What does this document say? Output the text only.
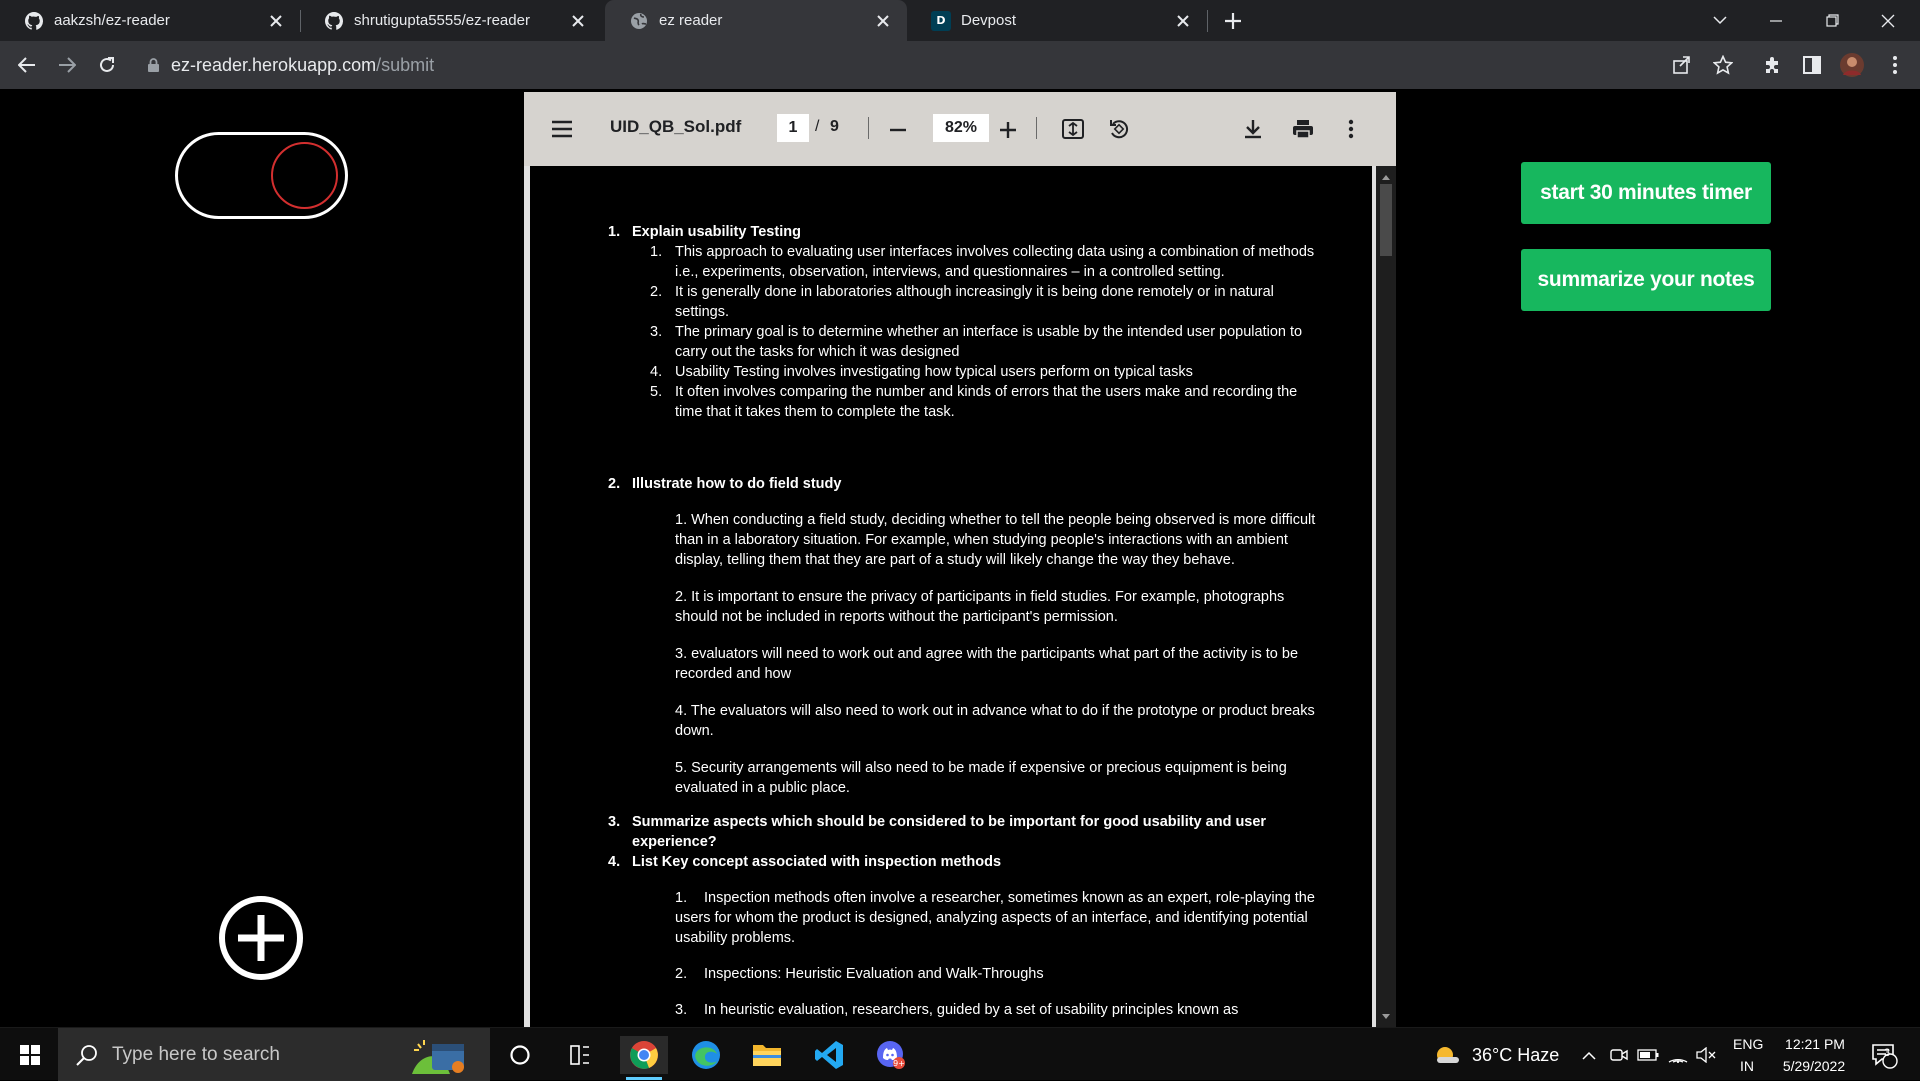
aakzsh/ez-reader	shrutigupta5555/ez-reader	ez reader	D	Devpost
ez-reader.herokuapp.com /submit
start 30 minutes timer
summarize your notes
UID_QB_Sol.pdf	1	/ 9	82%
1. Explain usability Testing
1. This approach to evaluating user interfaces involves collecting data using a combination of methods i.e., experiments, observation, interviews, and questionnaires – in a controlled setting.
2. It is generally done in laboratories although increasingly it is being done remotely or in natural settings.
3. The primary goal is to determine whether an interface is usable by the intended user population to carry out the tasks for which it was designed
4. Usability Testing involves investigating how typical users perform on typical tasks
5. It often involves comparing the number and kinds of errors that the users make and recording the time that it takes them to complete the task.
2. Illustrate how to do field study
1. When conducting a field study, deciding whether to tell the people being observed is more difficult than in a laboratory situation. For example, when studying people's interactions with an ambient display, telling them that they are part of a study will likely change the way they behave.
2. It is important to ensure the privacy of participants in field studies. For example, photographs should not be included in reports without the participant's permission.
3. evaluators will need to work out and agree with the participants what part of the activity is to be recorded and how
4. The evaluators will also need to work out in advance what to do if the prototype or product breaks down.
5. Security arrangements will also need to be made if expensive or precious equipment is being evaluated in a public place.
3. Summarize aspects which should be considered to be important for good usability and user experience?
4. List Key concept associated with inspection methods
1.	Inspection methods often involve a researcher, sometimes known as an expert, role-playing the users for whom the product is designed, analyzing aspects of an interface, and identifying potential usability problems.
2. Inspections: Heuristic Evaluation and Walk-Throughs
3. In heuristic evaluation, researchers, guided by a set of usability principles known as
Type here to search	9+	36°C Haze
ENG
IN
12:21 PM
5/29/2022
3
